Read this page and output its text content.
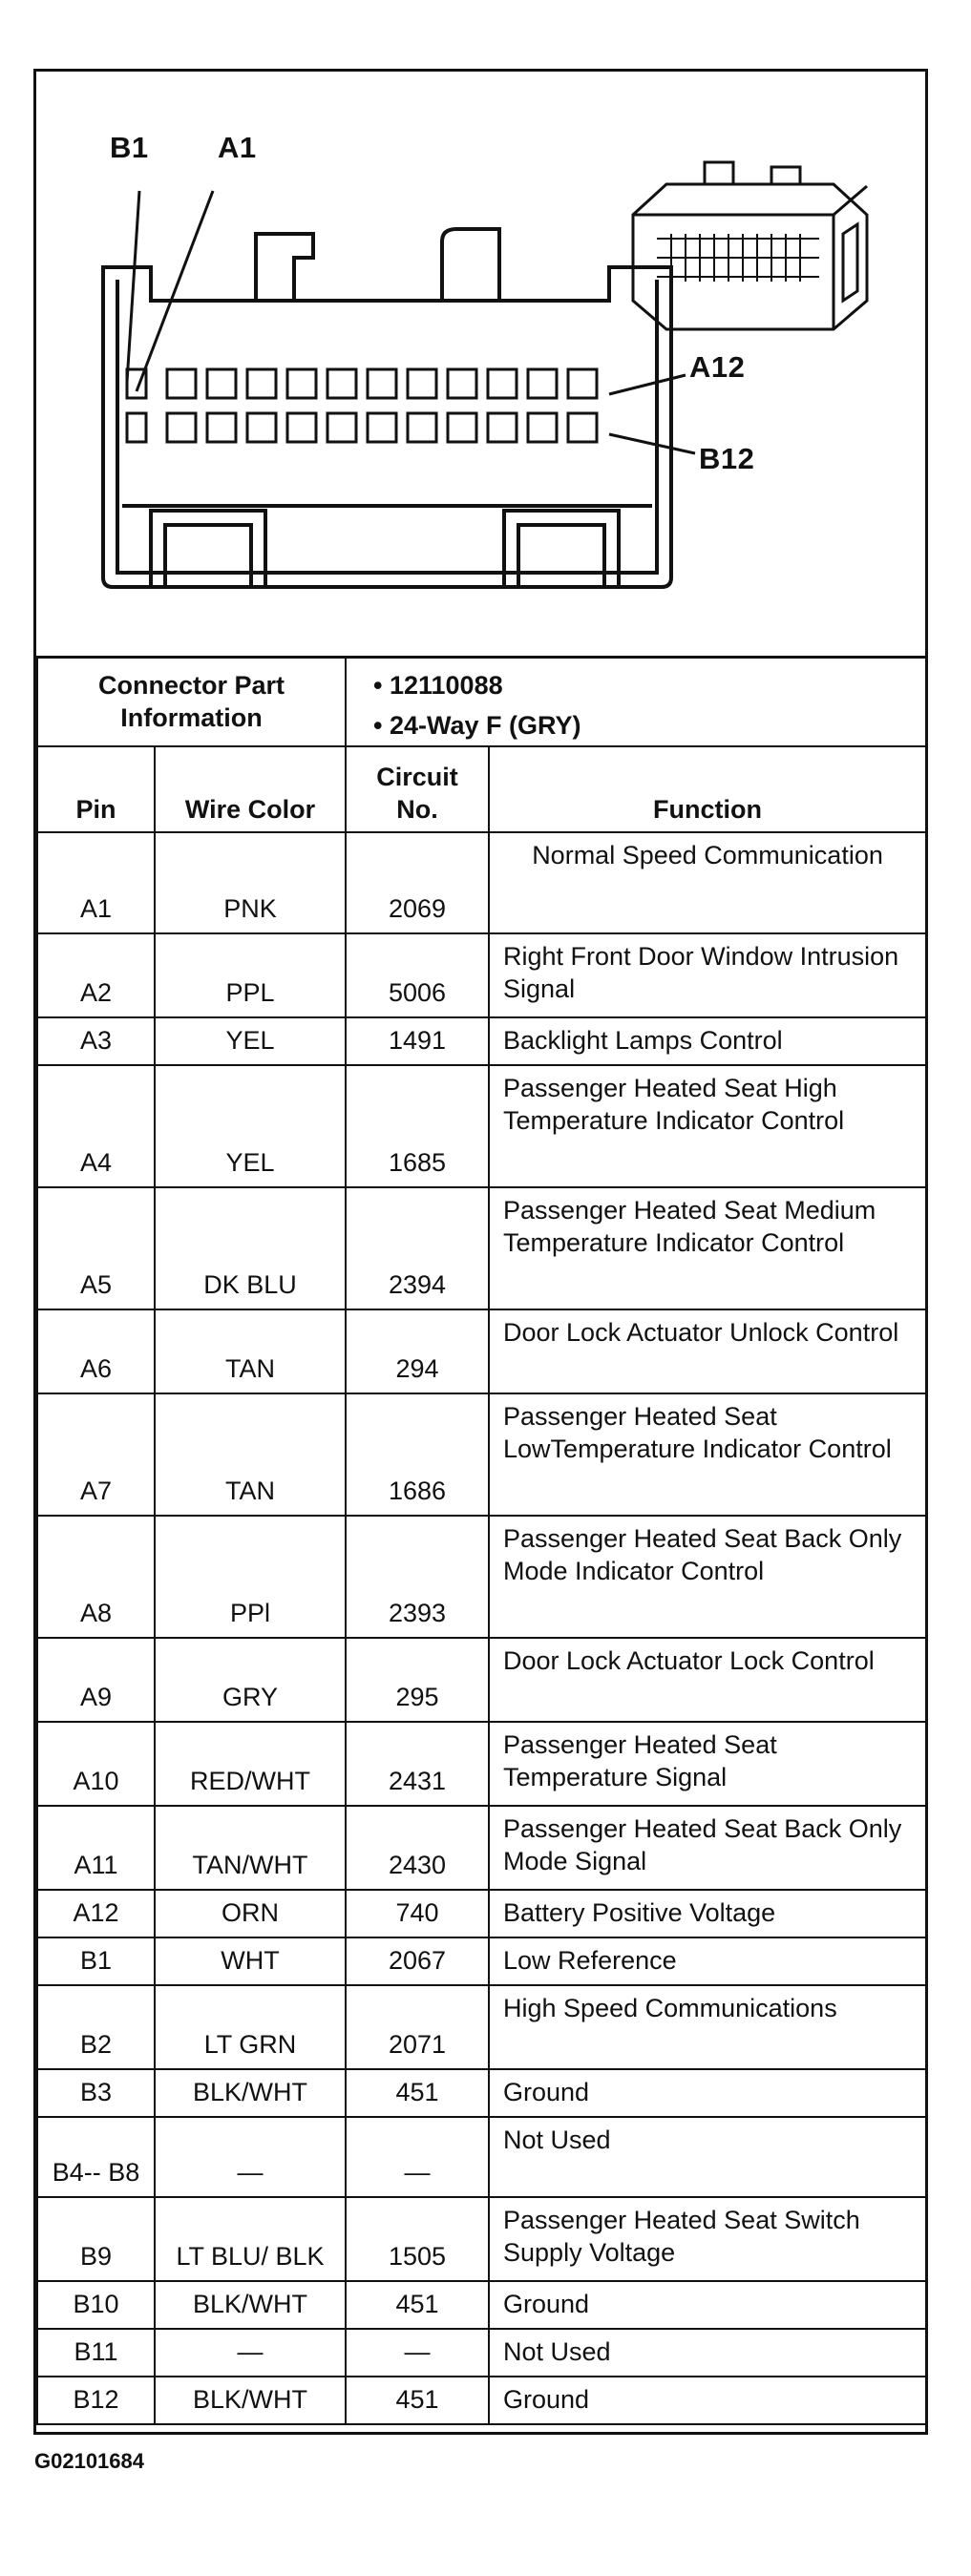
B1 A1
A12
B12
Connector Part Information		• 12110088
• 24-Way F (GRY)	

Pin	Wire Color	Circuit No.	Function
A1	PNK	2069	Normal Speed Communication
A2	PPL	5006	Right Front Door Window Intrusion Signal
A3	YEL	1491	Backlight Lamps Control
A4	YEL	1685	Passenger Heated Seat High Temperature Indicator Control
A5	DK BLU	2394	Passenger Heated Seat Medium Temperature Indicator Control
A6	TAN	294	Door Lock Actuator Unlock Control
A7	TAN	1686	Passenger Heated Seat LowTemperature Indicator Control
A8	PPl	2393	Passenger Heated Seat Back Only Mode Indicator Control
A9	GRY	295	Door Lock Actuator Lock Control
A10	RED/WHT	2431	Passenger Heated Seat Temperature Signal
A11	TAN/WHT	2430	Passenger Heated Seat Back Only Mode Signal
A12	ORN	740	Battery Positive Voltage
B1	WHT	2067	Low Reference
B2	LT GRN	2071	High Speed Communications
B3	BLK/WHT	451	Ground
B4-- B8	—	—	Not Used
B9	LT BLU/ BLK	1505	Passenger Heated Seat Switch Supply Voltage
B10	BLK/WHT	451	Ground
B11	—	—	Not Used
B12	BLK/WHT	451	Ground
G02101684
